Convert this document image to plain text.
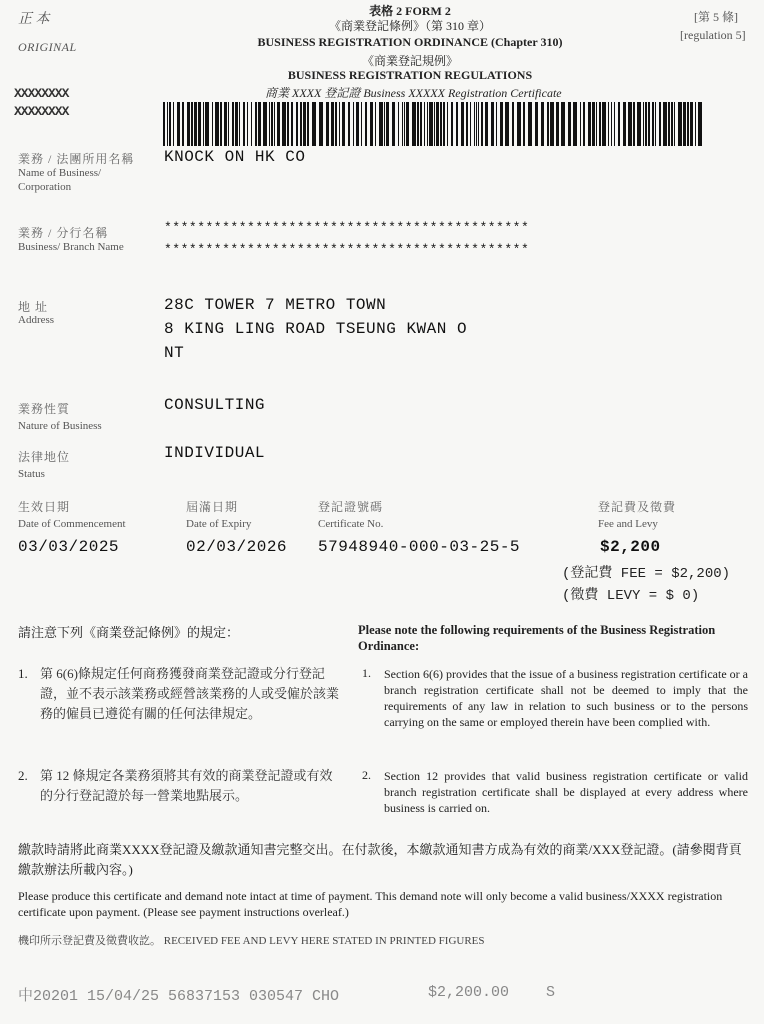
正 本
ORIGINAL
表格 2 FORM 2
《商業登記條例》（第 310 章）
BUSINESS REGISTRATION ORDINANCE (Chapter 310)
《商業登記規例》
BUSINESS REGISTRATION REGULATIONS
商業 XXXX 登記證 Business XXXXX Registration Certificate
[第 5 條]
[regulation 5]
XXXXXXXX
XXXXXXXX
業務 / 法團所用名稱
Name of Business/ Corporation
KNOCK ON HK CO
業務 / 分行名稱
Business/ Branch Name
********************************************
********************************************
地 址
Address
28C TOWER 7 METRO TOWN
8 KING LING ROAD TSEUNG KWAN O
NT
業務性質
Nature of Business
CONSULTING
法律地位
Status
INDIVIDUAL
生效日期
Date of Commencement
03/03/2025
屆滿日期
Date of Expiry
02/03/2026
登記證號碼
Certificate No.
57948940-000-03-25-5
登記費及徵費
Fee and Levy
$2,200
(登記費 FEE = $2,200)
(徵費 LEVY = $ 0)
請注意下列《商業登記條例》的規定：	Please note the following requirements of the Business Registration Ordinance:
1. 第 6(6)條規定任何商務獲發商業登記證或分行登記證，並不表示該業務或經營該業務的人或受僱於該業務的僱員已遵從有關的任何法律規定。
1. Section 6(6) provides that the issue of a business registration certificate or a branch registration certificate shall not be deemed to imply that the requirements of any law in relation to such business or to the persons carrying on the same or employed therein have been complied with.
2. 第 12 條規定各業務須將其有效的商業登記證或有效的分行登記證於每一營業地點展示。
2. Section 12 provides that valid business registration certificate or valid branch registration certificate shall be displayed at every address where business is carried on.
繳款時請將此商業XXXX登記證及繳款通知書完整交出。在付款後，本繳款通知書方成為有效的商業/XXX登記證。(請參閱背頁繳款辦法所載內容。)
Please produce this certificate and demand note intact at time of payment. This demand note will only become a valid business/XXXX registration certificate upon payment. (Please see payment instructions overleaf.)
機印所示登記費及徵費收訖。 RECEIVED FEE AND LEVY HERE STATED IN PRINTED FIGURES
中20201 15/04/25 56837153 030547 CHO	$2,200.00 S
